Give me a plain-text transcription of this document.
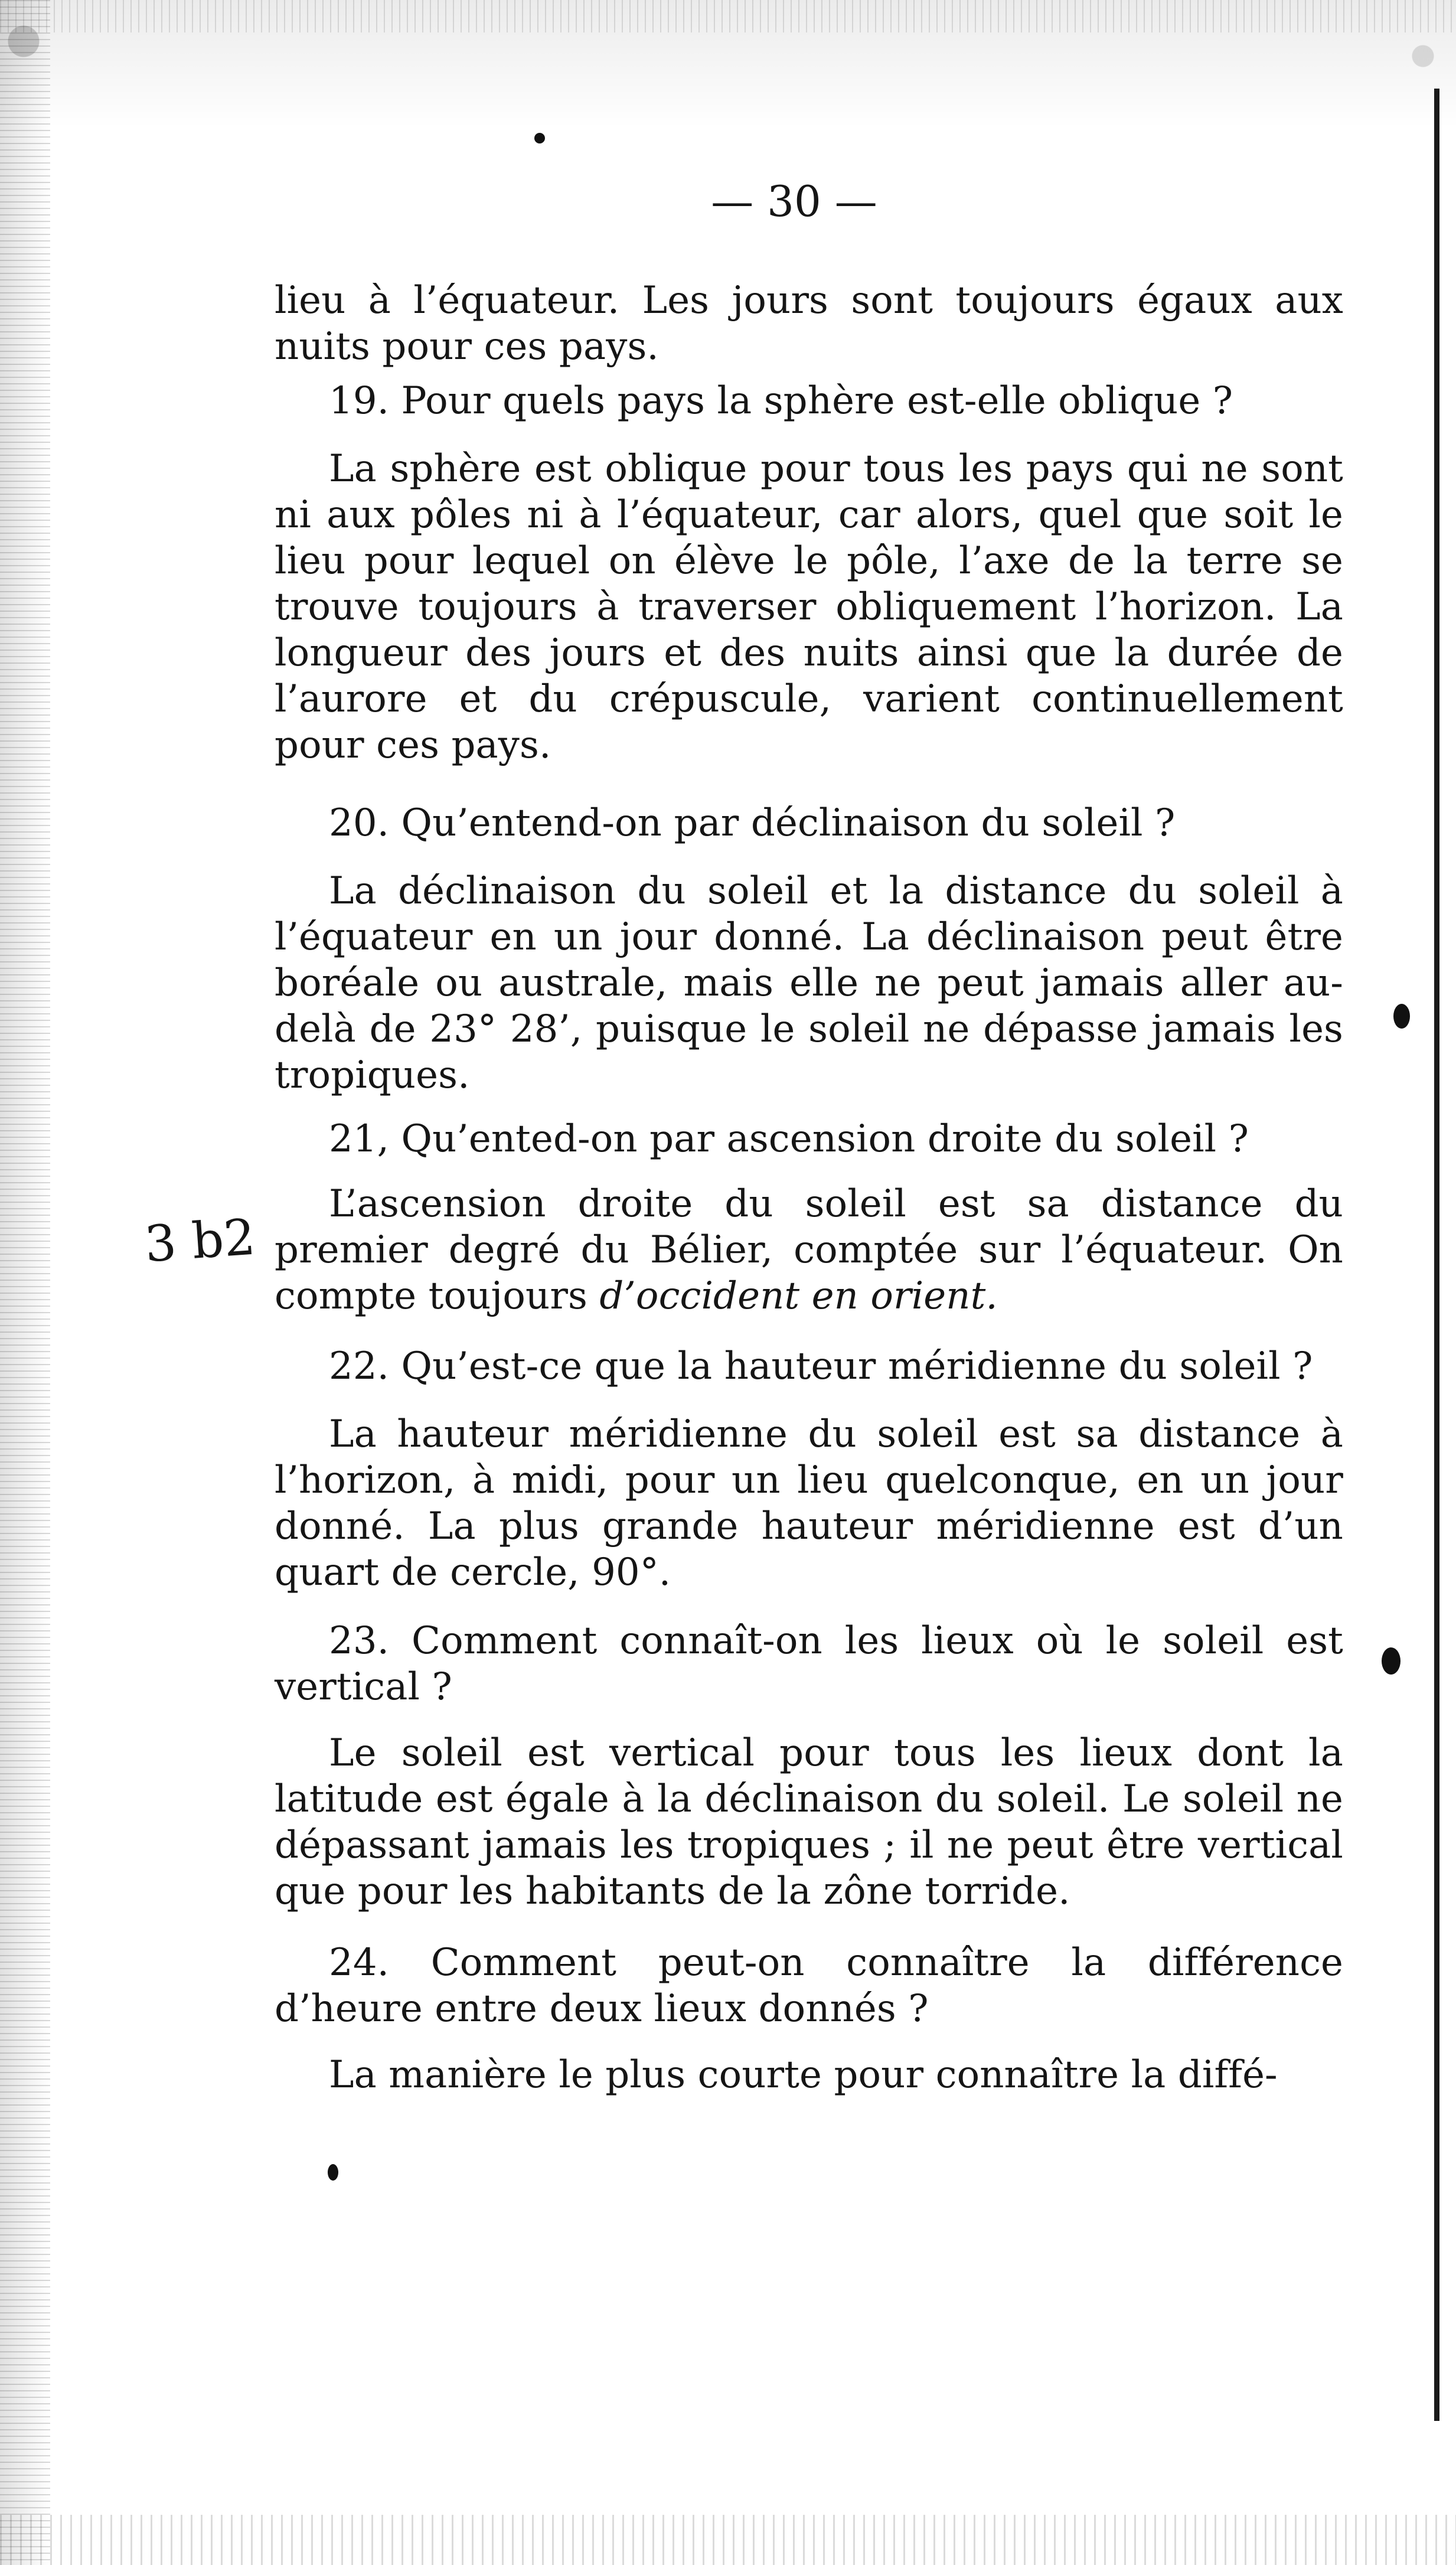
— 30 —

lieu à l’équateur. Les jours sont toujours égaux aux nuits pour ces pays.

19. Pour quels pays la sphère est-elle oblique ?

La sphère est oblique pour tous les pays qui ne sont ni aux pôles ni à l’équateur, car alors, quel que soit le lieu pour lequel on élève le pôle, l’axe de la terre se trouve toujours à traverser obliquement l’horizon. La longueur des jours et des nuits ainsi que la durée de l’aurore et du crépuscule, varient continuellement pour ces pays.

20. Qu’entend-on par déclinaison du soleil ?

La déclinaison du soleil et la distance du soleil à l’équateur en un jour donné. La déclinaison peut être boréale ou australe, mais elle ne peut jamais aller au-delà de 23° 28’, puisque le soleil ne dépasse jamais les tropiques.

21, Qu’ented-on par ascension droite du soleil ?

L’ascension droite du soleil est sa distance du premier degré du Bélier, comptée sur l’équateur. On compte toujours d’occident en orient.

3 b2

22. Qu’est-ce que la hauteur méridienne du soleil ?

La hauteur méridienne du soleil est sa distance à l’horizon, à midi, pour un lieu quelconque, en un jour donné. La plus grande hauteur méridienne est d’un quart de cercle, 90°.

23. Comment connaît-on les lieux où le soleil est vertical ?

Le soleil est vertical pour tous les lieux dont la latitude est égale à la déclinaison du soleil. Le soleil ne dépassant jamais les tropiques ; il ne peut être vertical que pour les habitants de la zône torride.

24. Comment peut-on connaître la différence d’heure entre deux lieux donnés ?

La manière le plus courte pour connaître la diffé-
